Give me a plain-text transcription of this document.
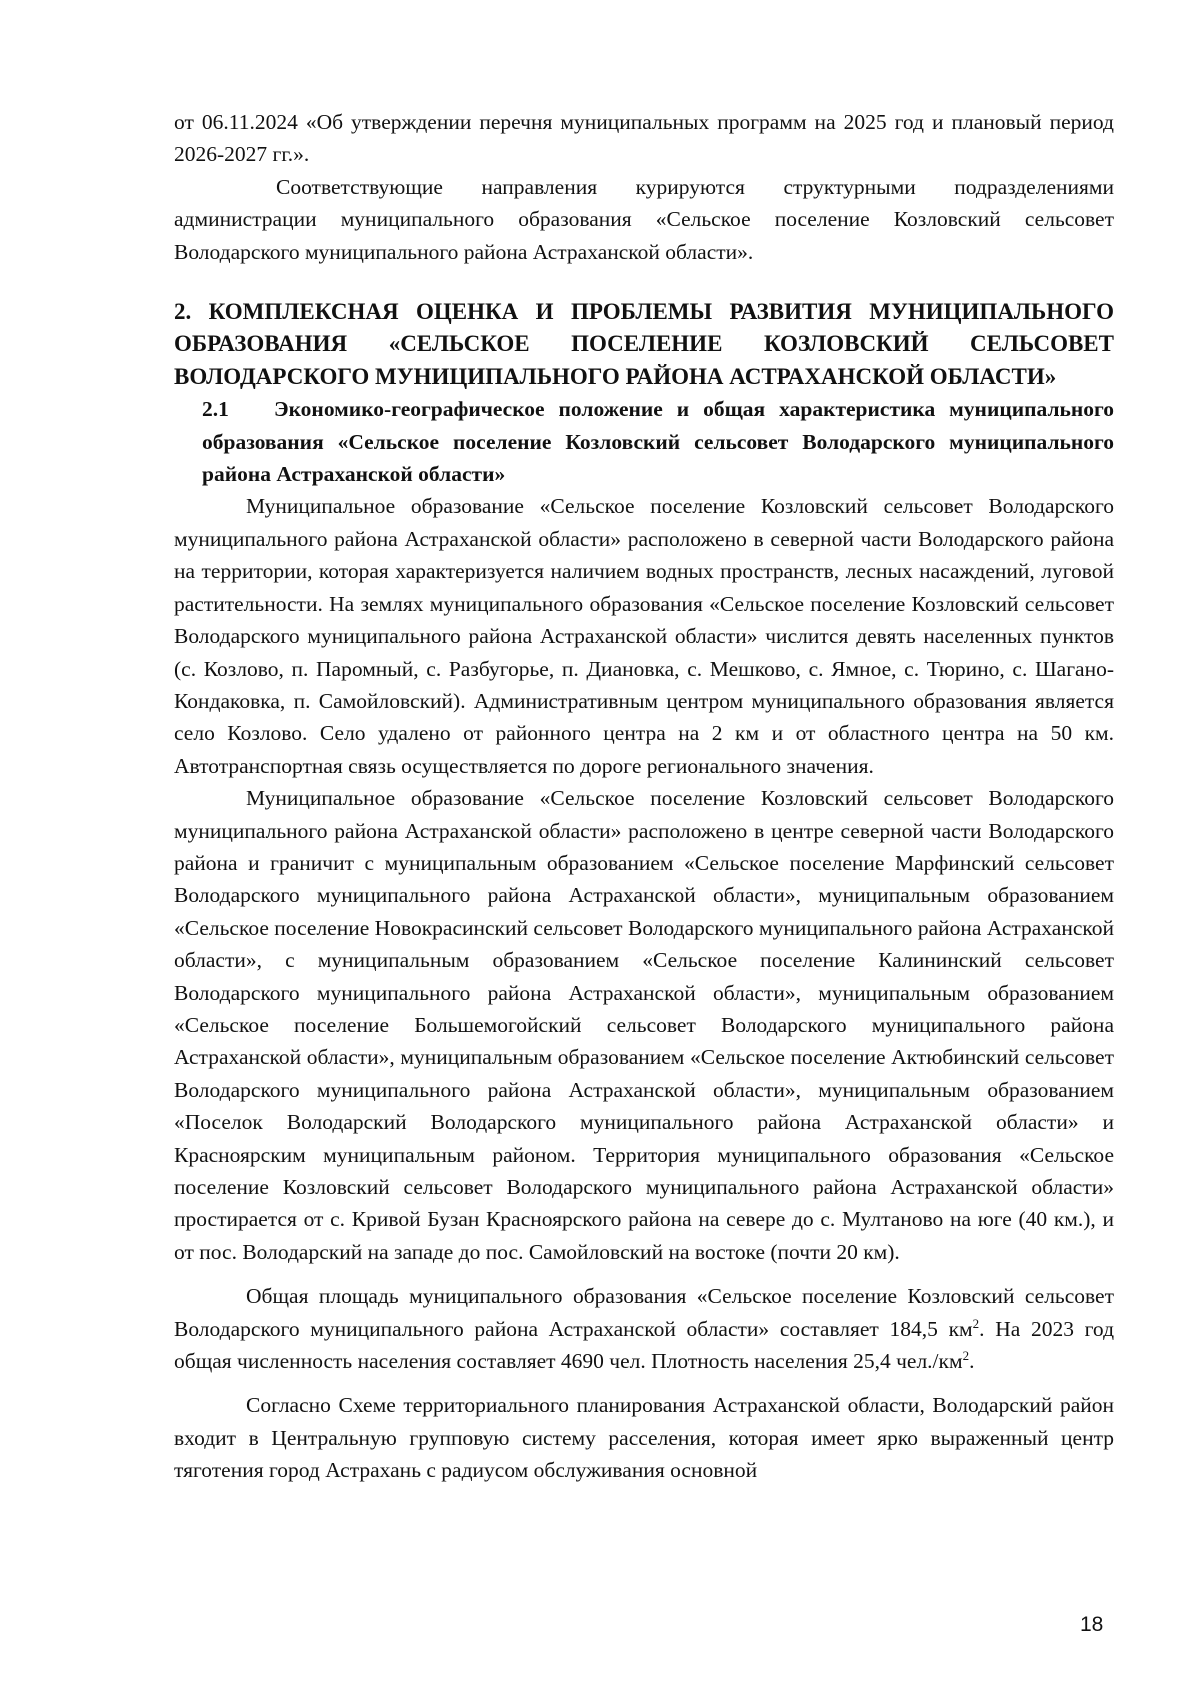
от 06.11.2024 «Об утверждении перечня муниципальных программ на 2025 год и плановый период 2026-2027 гг.».

Соответствующие направления курируются структурными подразделениями администрации муниципального образования «Сельское поселение Козловский сельсовет Володарского муниципального района Астраханской области».

2. КОМПЛЕКСНАЯ ОЦЕНКА И ПРОБЛЕМЫ РАЗВИТИЯ МУНИЦИПАЛЬНОГО ОБРАЗОВАНИЯ «СЕЛЬСКОЕ ПОСЕЛЕНИЕ КОЗЛОВСКИЙ СЕЛЬСОВЕТ ВОЛОДАРСКОГО МУНИЦИПАЛЬНОГО РАЙОНА АСТРАХАНСКОЙ ОБЛАСТИ»

2.1 Экономико-географическое положение и общая характеристика муниципального образования «Сельское поселение Козловский сельсовет Володарского муниципального района Астраханской области»

Муниципальное образование «Сельское поселение Козловский сельсовет Володарского муниципального района Астраханской области» расположено в северной части Володарского района на территории, которая характеризуется наличием водных пространств, лесных насаждений, луговой растительности. На землях муниципального образования «Сельское поселение Козловский сельсовет Володарского муниципального района Астраханской области» числится девять населенных пунктов (с. Козлово, п. Паромный, с. Разбугорье, п. Диановка, с. Мешково, с. Ямное, с. Тюрино, с. Шагано-Кондаковка, п. Самойловский). Административным центром муниципального образования является село Козлово. Село удалено от районного центра на 2 км и от областного центра на 50 км. Автотранспортная связь осуществляется по дороге регионального значения.

Муниципальное образование «Сельское поселение Козловский сельсовет Володарского муниципального района Астраханской области» расположено в центре северной части Володарского района и граничит с муниципальным образованием «Сельское поселение Марфинский сельсовет Володарского муниципального района Астраханской области», муниципальным образованием «Сельское поселение Новокрасинский сельсовет Володарского муниципального района Астраханской области», с муниципальным образованием «Сельское поселение Калининский сельсовет Володарского муниципального района Астраханской области», муниципальным образованием «Сельское поселение Большемогойский сельсовет Володарского муниципального района Астраханской области», муниципальным образованием «Сельское поселение Актюбинский сельсовет Володарского муниципального района Астраханской области», муниципальным образованием «Поселок Володарский Володарского муниципального района Астраханской области» и Красноярским муниципальным районом. Территория муниципального образования «Сельское поселение Козловский сельсовет Володарского муниципального района Астраханской области» простирается от с. Кривой Бузан Красноярского района на севере до с. Мултаново на юге (40 км.), и от пос. Володарский на западе до пос. Самойловский на востоке (почти 20 км).

Общая площадь муниципального образования «Сельское поселение Козловский сельсовет Володарского муниципального района Астраханской области» составляет 184,5 $км^2$. На 2023 год общая численность населения составляет 4690 чел. Плотность населения 25,4 $чел./км^2$.

Согласно Схеме территориального планирования Астраханской области, Володарский район входит в Центральную групповую систему расселения, которая имеет ярко выраженный центр тяготения город Астрахань с радиусом обслуживания основной

18
